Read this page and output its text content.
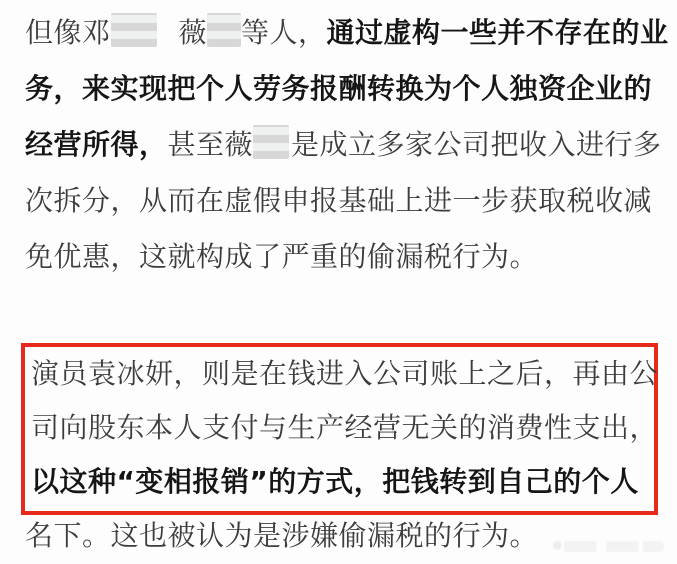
但像邓 薇 等人，通过虚构一些并不存在的业
务，来实现把个人劳务报酬转换为个人独资企业的
经营所得，甚至薇 是成立多家公司把收入进行多
次拆分，从而在虚假申报基础上进一步获取税收减
免优惠，这就构成了严重的偷漏税行为。
演员袁冰妍，则是在钱进入公司账上之后，再由公
司向股东本人支付与生产经营无关的消费性支出，
以这种“变相报销”的方式，把钱转到自己的个人
名下。这也被认为是涉嫌偷漏税的行为。
